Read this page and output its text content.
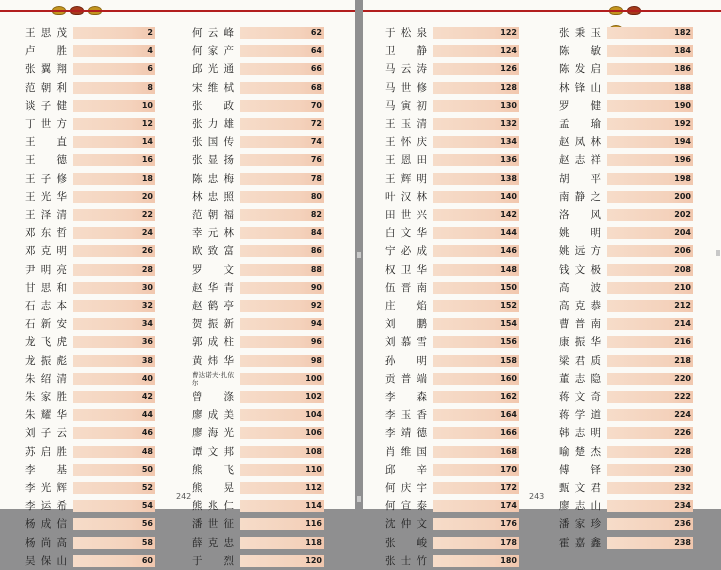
王思茂	2
卢　胜	4
张翼翔	6
范朝利	8
谈子健	10
丁世方	12
王　直	14
王　德	16
王子修	18
王光华	20
王泽清	22
邓东哲	24
邓克明	26
尹明亮	28
甘思和	30
石志本	32
石新安	34
龙飞虎	36
龙振彪	38
朱绍清	40
朱家胜	42
朱耀华	44
刘子云	46
苏启胜	48
李　基	50
李光辉	52
李运希	54
杨成信	56
杨尚高	58
吴保山	60
何云峰	62
何家产	64
邱光通	66
宋维栻	68
张　政	70
张力雄	72
张国传	74
张显扬	76
陈忠梅	78
林忠照	80
范朝福	82
幸元林	84
欧致富	86
罗　文	88
赵华青	90
赵鹤亭	92
贺振新	94
郭成柱	96
黄炜华	98
曹达诺夫·扎依尔	100
曾　涤	102
廖成美	104
廖海光	106
谭文邦	108
熊　飞	110
熊　晃	112
熊兆仁	114
潘世征	116
薛克忠	118
于　烈	120
242
于松泉	122
卫　静	124
马云涛	126
马世修	128
马寅初	130
王玉清	132
王怀庆	134
王恩田	136
王辉明	138
叶汉林	140
田世兴	142
白文华	144
宁必成	146
权卫华	148
伍晋南	150
庄　焰	152
刘　鹏	154
刘慕雪	156
孙　明	158
贡普端	160
李　森	162
李玉香	164
李靖德	166
肖维国	168
邱　辛	170
何庆宇	172
何宣泰	174
沈仲文	176
张　峻	178
张士竹	180
张秉玉	182
陈　敏	184
陈发启	186
林锋山	188
罗　健	190
孟　瑜	192
赵凤林	194
赵志祥	196
胡　平	198
南静之	200
洛　风	202
姚　明	204
姚远方	206
钱文极	208
高　波	210
高克恭	212
曹普南	214
康振华	216
梁君质	218
董志隐	220
蒋文奇	222
蒋学道	224
韩志明	226
喻楚杰	228
傅　铎	230
甄文君	232
廖志山	234
潘家珍	236
霍嘉鑫	238
243
